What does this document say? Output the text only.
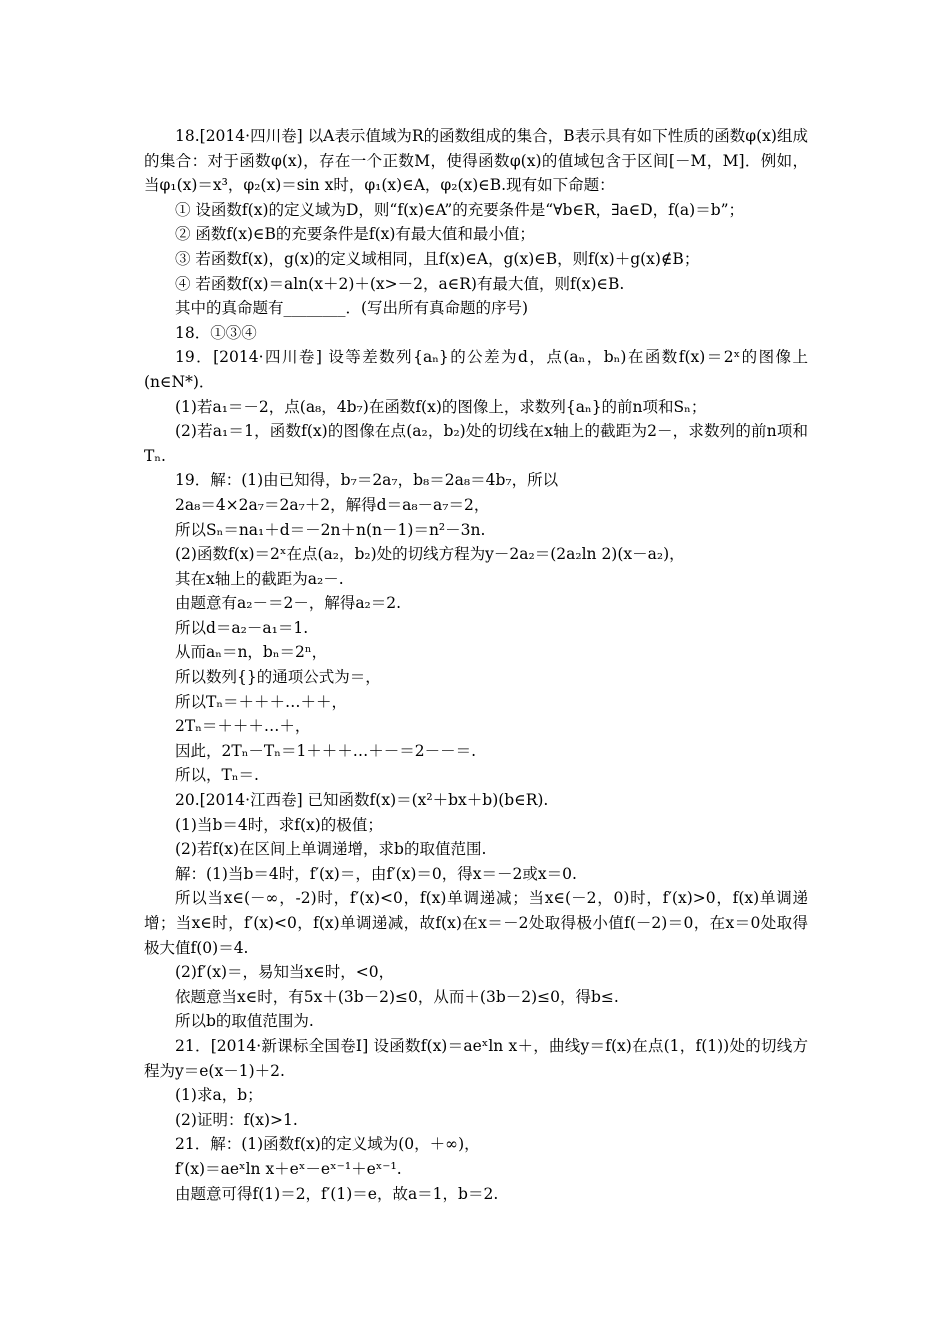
18.[2014·四川卷] 以A表示值域为R的函数组成的集合，B表示具有如下性质的函数φ(x)组成的集合：对于函数φ(x)，存在一个正数M，使得函数φ(x)的值域包含于区间[－M，M]．例如，当φ₁(x)＝x³，φ₂(x)＝sin x时，φ₁(x)∈A，φ₂(x)∈B.现有如下命题：
① 设函数f(x)的定义域为D，则“f(x)∈A”的充要条件是“∀b∈R，∃a∈D，f(a)＝b”；
② 函数f(x)∈B的充要条件是f(x)有最大值和最小值；
③ 若函数f(x)，g(x)的定义域相同，且f(x)∈A，g(x)∈B，则f(x)＋g(x)∉B；
④ 若函数f(x)＝aln(x＋2)＋(x>－2，a∈R)有最大值，则f(x)∈B.
其中的真命题有________．(写出所有真命题的序号)
18．①③④
19．[2014·四川卷] 设等差数列{aₙ}的公差为d，点(aₙ，bₙ)在函数f(x)＝2ˣ的图像上(n∈N*)．
(1)若a₁＝－2，点(a₈，4b₇)在函数f(x)的图像上，求数列{aₙ}的前n项和Sₙ；
(2)若a₁＝1，函数f(x)的图像在点(a₂，b₂)处的切线在x轴上的截距为2－，求数列的前n项和Tₙ.
19．解：(1)由已知得，b₇＝2a₇，b₈＝2a₈＝4b₇，所以
2a₈＝4×2a₇＝2a₇＋2，解得d＝a₈－a₇＝2，
所以Sₙ＝na₁＋d＝－2n＋n(n－1)＝n²－3n.
(2)函数f(x)＝2ˣ在点(a₂，b₂)处的切线方程为y－2a₂＝(2a₂ln 2)(x－a₂)，
其在x轴上的截距为a₂－.
由题意有a₂－＝2－，解得a₂＝2.
所以d＝a₂－a₁＝1.
从而aₙ＝n，bₙ＝2ⁿ，
所以数列{}的通项公式为＝，
所以Tₙ＝＋＋＋…＋＋，
2Tₙ＝＋＋＋…＋，
因此，2Tₙ－Tₙ＝1＋＋＋…＋－＝2－－＝.
所以，Tₙ＝.
20.[2014·江西卷] 已知函数f(x)＝(x²＋bx＋b)(b∈R).
(1)当b＝4时，求f(x)的极值；
(2)若f(x)在区间上单调递增，求b的取值范围.
解：(1)当b＝4时，f′(x)＝，由f′(x)＝0，得x＝－2或x＝0.
所以当x∈(－∞，-2)时，f′(x)<0，f(x)单调递减；当x∈(－2，0)时，f′(x)>0，f(x)单调递增；当x∈时，f′(x)<0，f(x)单调递减，故f(x)在x＝－2处取得极小值f(－2)＝0，在x＝0处取得极大值f(0)＝4.
(2)f′(x)＝，易知当x∈时，<0，
依题意当x∈时，有5x＋(3b－2)≤0，从而＋(3b－2)≤0，得b≤.
所以b的取值范围为.
21．[2014·新课标全国卷Ⅰ] 设函数f(x)＝aeˣln x＋，曲线y＝f(x)在点(1，f(1))处的切线方程为y＝e(x－1)＋2.
(1)求a，b；
(2)证明：f(x)>1.
21．解：(1)函数f(x)的定义域为(0，＋∞)，
f′(x)＝aeˣln x＋eˣ－eˣ⁻¹＋eˣ⁻¹.
由题意可得f(1)＝2，f′(1)＝e，故a＝1，b＝2.
